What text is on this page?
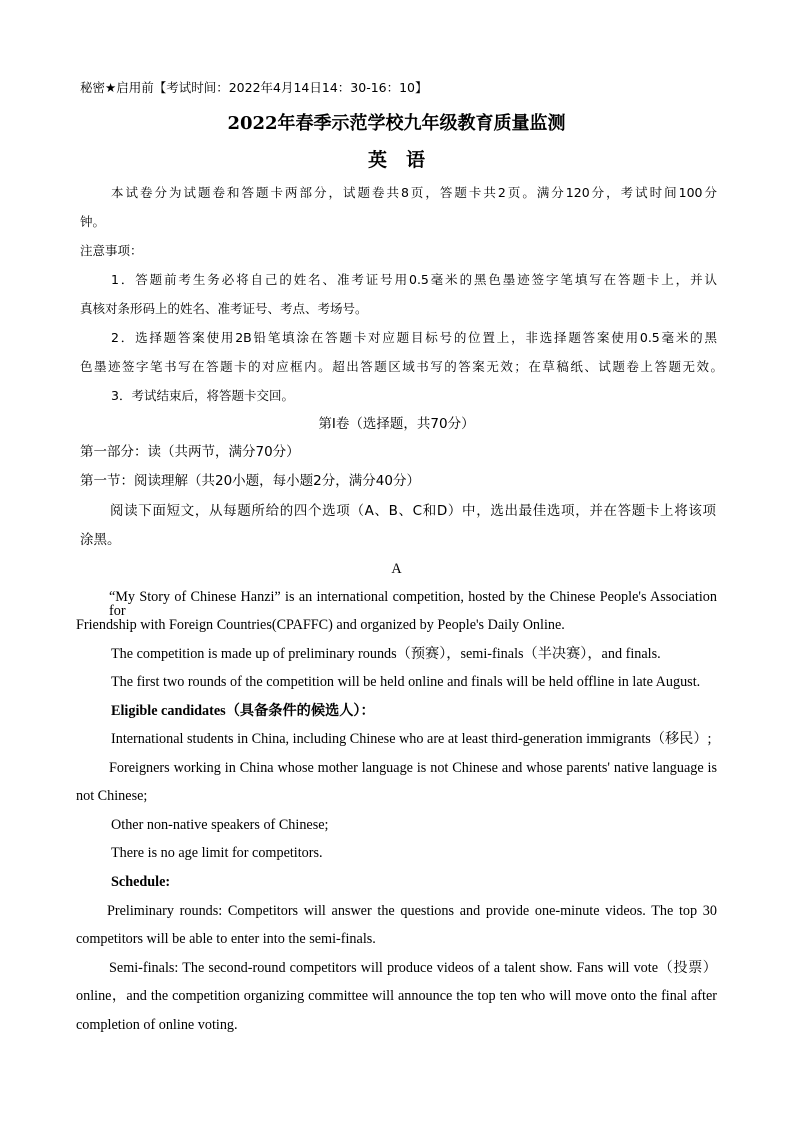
秘密★启用前【考试时间：2022年4月14日14：30-16：10】
2022年春季示范学校九年级教育质量监测
英　语
本试卷分为试题卷和答题卡两部分，试题卷共8页，答题卡共2页。满分120分，考试时间100分
钟。
注意事项：
1．答题前考生务必将自己的姓名、准考证号用0.5毫米的黑色墨迹签字笔填写在答题卡上，并认
真核对条形码上的姓名、准考证号、考点、考场号。
2．选择题答案使用2B铅笔填涂在答题卡对应题目标号的位置上，非选择题答案使用0.5毫米的黑
色墨迹签字笔书写在答题卡的对应框内。超出答题区域书写的答案无效；在草稿纸、试题卷上答题无效。
3．考试结束后，将答题卡交回。
第I卷（选择题，共70分）
第一部分：读（共两节，满分70分）
第一节：阅读理解（共20小题，每小题2分，满分40分）
阅读下面短文，从每题所给的四个选项（A、B、C和D）中，选出最佳选项，并在答题卡上将该项
涂黑。
A
“My Story of Chinese Hanzi” is an international competition, hosted by the Chinese People's Association for
Friendship with Foreign Countries(CPAFFC) and organized by People's Daily Online.
The competition is made up of preliminary rounds（预赛），semi-finals（半决赛），and finals.
The first two rounds of the competition will be held online and finals will be held offline in late August.
Eligible candidates（具备条件的候选人）：
International students in China, including Chinese who are at least third-generation immigrants（移民）;
Foreigners working in China whose mother language is not Chinese and whose parents' native language is
not Chinese;
Other non-native speakers of Chinese;
There is no age limit for competitors.
Schedule:
Preliminary rounds: Competitors will answer the questions and provide one-minute videos. The top 30
competitors will be able to enter into the semi-finals.
Semi-finals: The second-round competitors will produce videos of a talent show. Fans will vote（投票）
online，and the competition organizing committee will announce the top ten who will move onto the final after
completion of online voting.
